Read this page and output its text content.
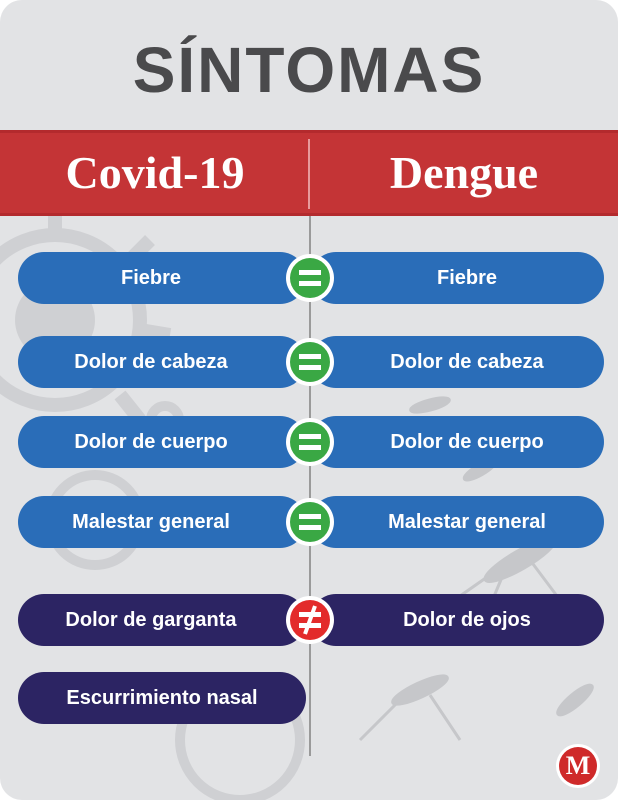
SÍNTOMAS
Covid-19	Dengue
Fiebre	Fiebre
Dolor de cabeza	Dolor de cabeza
Dolor de cuerpo	Dolor de cuerpo
Malestar general	Malestar general
Dolor de garganta	Dolor de ojos
Escurrimiento nasal
M
